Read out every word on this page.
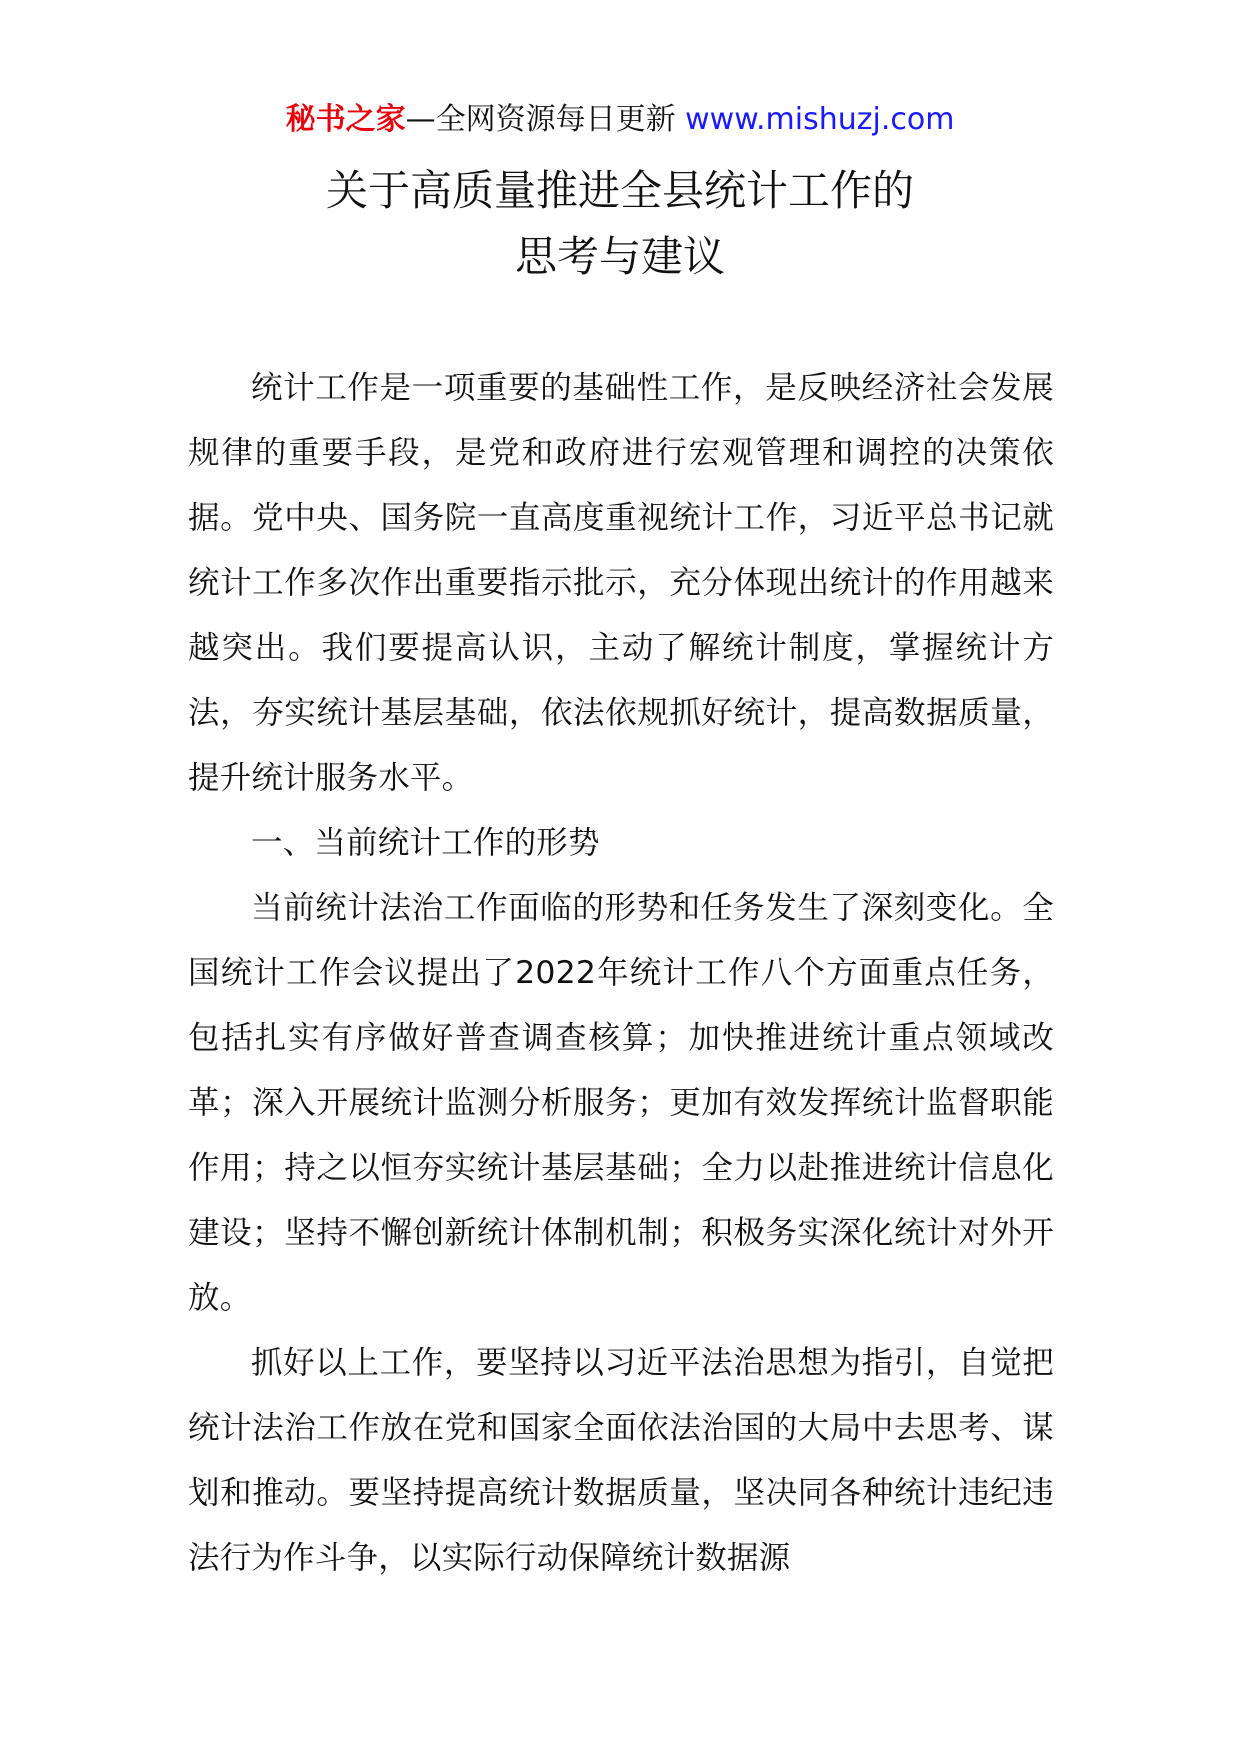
秘书之家—全网资源每日更新 www.mishuzj.com
关于高质量推进全县统计工作的
思考与建议

统计工作是一项重要的基础性工作，是反映经济社会发展规律的重要手段，是党和政府进行宏观管理和调控的决策依据。党中央、国务院一直高度重视统计工作，习近平总书记就统计工作多次作出重要指示批示，充分体现出统计的作用越来越突出。我们要提高认识，主动了解统计制度，掌握统计方法，夯实统计基层基础，依法依规抓好统计，提高数据质量，提升统计服务水平。

一、当前统计工作的形势

当前统计法治工作面临的形势和任务发生了深刻变化。全国统计工作会议提出了2022年统计工作八个方面重点任务，包括扎实有序做好普查调查核算；加快推进统计重点领域改革；深入开展统计监测分析服务；更加有效发挥统计监督职能作用；持之以恒夯实统计基层基础；全力以赴推进统计信息化建设；坚持不懈创新统计体制机制；积极务实深化统计对外开放。

抓好以上工作，要坚持以习近平法治思想为指引，自觉把统计法治工作放在党和国家全面依法治国的大局中去思考、谋划和推动。要坚持提高统计数据质量，坚决同各种统计违纪违法行为作斗争，以实际行动保障统计数据源
